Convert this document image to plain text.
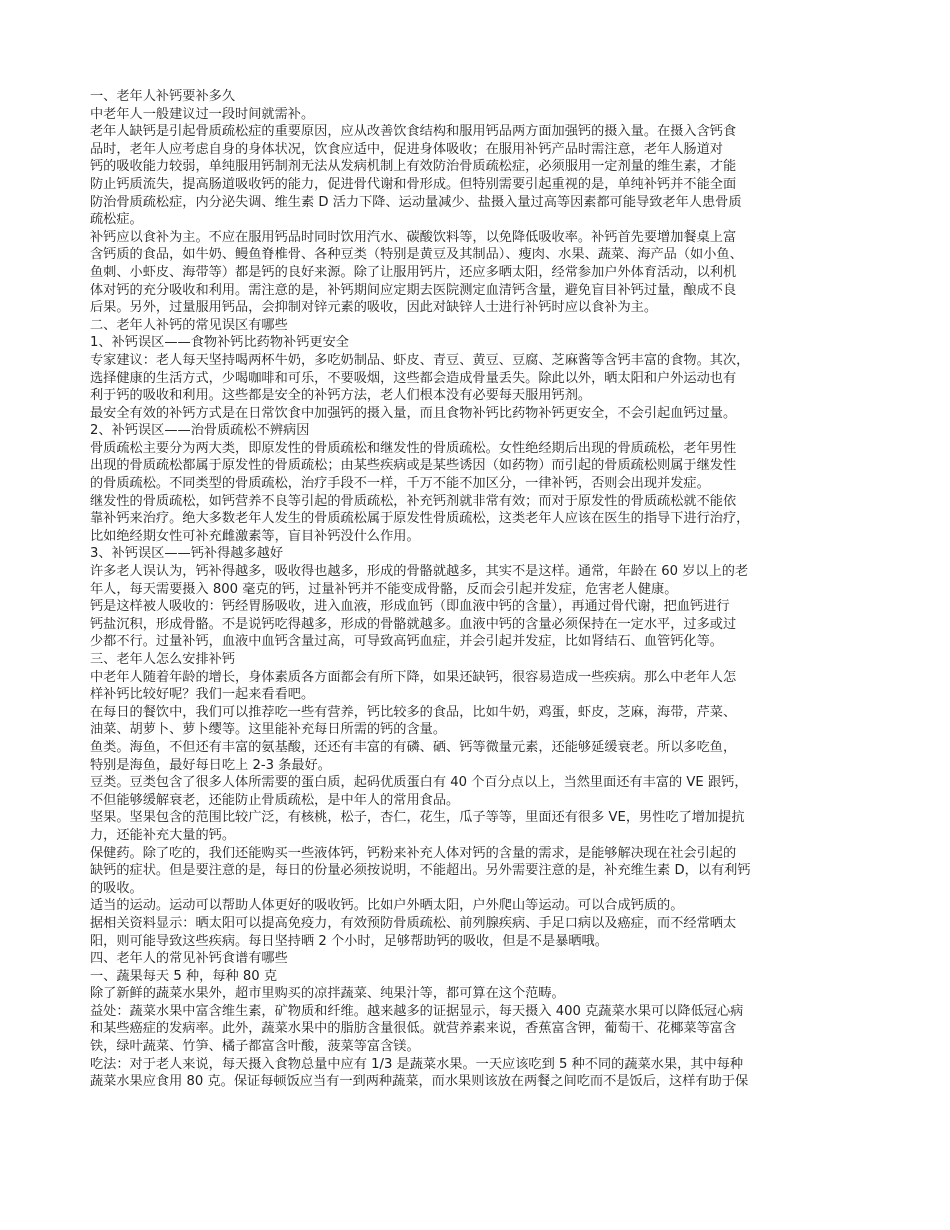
一、老年人补钙要补多久
中老年人一般建议过一段时间就需补。
老年人缺钙是引起骨质疏松症的重要原因，应从改善饮食结构和服用钙品两方面加强钙的摄入量。在摄入含钙食
品时，老年人应考虑自身的身体状况，饮食应适中，促进身体吸收；在服用补钙产品时需注意，老年人肠道对
钙的吸收能力较弱，单纯服用钙制剂无法从发病机制上有效防治骨质疏松症，必须服用一定剂量的维生素，才能
防止钙质流失，提高肠道吸收钙的能力，促进骨代谢和骨形成。但特别需要引起重视的是，单纯补钙并不能全面
防治骨质疏松症，内分泌失调、维生素 D 活力下降、运动量减少、盐摄入量过高等因素都可能导致老年人患骨质
疏松症。
补钙应以食补为主。不应在服用钙品时同时饮用汽水、碳酸饮料等，以免降低吸收率。补钙首先要增加餐桌上富
含钙质的食品，如牛奶、鳗鱼脊椎骨、各种豆类（特别是黄豆及其制品）、瘦肉、水果、蔬菜、海产品（如小鱼、
鱼刺、小虾皮、海带等）都是钙的良好来源。除了让服用钙片，还应多晒太阳，经常参加户外体育活动，以利机
体对钙的充分吸收和利用。需注意的是，补钙期间应定期去医院测定血清钙含量，避免盲目补钙过量，酿成不良
后果。另外，过量服用钙品，会抑制对锌元素的吸收，因此对缺锌人士进行补钙时应以食补为主。
二、老年人补钙的常见误区有哪些
1、补钙误区——食物补钙比药物补钙更安全
专家建议：老人每天坚持喝两杯牛奶，多吃奶制品、虾皮、青豆、黄豆、豆腐、芝麻酱等含钙丰富的食物。其次，
选择健康的生活方式，少喝咖啡和可乐，不要吸烟，这些都会造成骨量丢失。除此以外，晒太阳和户外运动也有
利于钙的吸收和利用。这些都是安全的补钙方法，老人们根本没有必要每天服用钙剂。
最安全有效的补钙方式是在日常饮食中加强钙的摄入量，而且食物补钙比药物补钙更安全，不会引起血钙过量。
2、补钙误区——治骨质疏松不辨病因
骨质疏松主要分为两大类，即原发性的骨质疏松和继发性的骨质疏松。女性绝经期后出现的骨质疏松，老年男性
出现的骨质疏松都属于原发性的骨质疏松；由某些疾病或是某些诱因（如药物）而引起的骨质疏松则属于继发性
的骨质疏松。不同类型的骨质疏松，治疗手段不一样，千万不能不加区分，一律补钙，否则会出现并发症。
继发性的骨质疏松，如钙营养不良等引起的骨质疏松，补充钙剂就非常有效；而对于原发性的骨质疏松就不能依
靠补钙来治疗。绝大多数老年人发生的骨质疏松属于原发性骨质疏松，这类老年人应该在医生的指导下进行治疗，
比如绝经期女性可补充雌激素等，盲目补钙没什么作用。
3、补钙误区——钙补得越多越好
许多老人误认为，钙补得越多，吸收得也越多，形成的骨骼就越多，其实不是这样。通常，年龄在 60 岁以上的老
年人，每天需要摄入 800 毫克的钙，过量补钙并不能变成骨骼，反而会引起并发症，危害老人健康。
钙是这样被人吸收的：钙经胃肠吸收，进入血液，形成血钙（即血液中钙的含量），再通过骨代谢，把血钙进行
钙盐沉积，形成骨骼。不是说钙吃得越多，形成的骨骼就越多。血液中钙的含量必须保持在一定水平，过多或过
少都不行。过量补钙，血液中血钙含量过高，可导致高钙血症，并会引起并发症，比如肾结石、血管钙化等。
三、老年人怎么安排补钙
中老年人随着年龄的增长，身体素质各方面都会有所下降，如果还缺钙，很容易造成一些疾病。那么中老年人怎
样补钙比较好呢？我们一起来看看吧。
在每日的餐饮中，我们可以推荐吃一些有营养，钙比较多的食品，比如牛奶，鸡蛋，虾皮，芝麻，海带，芹菜、
油菜、胡萝卜、萝卜缨等。这里能补充每日所需的钙的含量。
鱼类。海鱼，不但还有丰富的氨基酸，还还有丰富的有磷、硒、钙等微量元素，还能够延缓衰老。所以多吃鱼，
特别是海鱼，最好每日吃上 2-3 条最好。
豆类。豆类包含了很多人体所需要的蛋白质，起码优质蛋白有 40 个百分点以上，当然里面还有丰富的 VE 跟钙，
不但能够缓解衰老，还能防止骨质疏松，是中年人的常用食品。
坚果。坚果包含的范围比较广泛，有核桃，松子，杏仁，花生，瓜子等等，里面还有很多 VE，男性吃了增加提抗
力，还能补充大量的钙。
保健药。除了吃的，我们还能购买一些液体钙，钙粉来补充人体对钙的含量的需求，是能够解决现在社会引起的
缺钙的症状。但是要注意的是，每日的份量必须按说明，不能超出。另外需要注意的是，补充维生素 D，以有利钙
的吸收。
适当的运动。运动可以帮助人体更好的吸收钙。比如户外晒太阳，户外爬山等运动。可以合成钙质的。
据相关资料显示：晒太阳可以提高免疫力，有效预防骨质疏松、前列腺疾病、手足口病以及癌症，而不经常晒太
阳，则可能导致这些疾病。每日坚持晒 2 个小时，足够帮助钙的吸收，但是不是暴晒哦。
四、老年人的常见补钙食谱有哪些
一、蔬果每天 5 种，每种 80 克
除了新鲜的蔬菜水果外，超市里购买的凉拌蔬菜、纯果汁等，都可算在这个范畴。
益处：蔬菜水果中富含维生素，矿物质和纤维。越来越多的证据显示，每天摄入 400 克蔬菜水果可以降低冠心病
和某些癌症的发病率。此外，蔬菜水果中的脂肪含量很低。就营养素来说，香蕉富含钾，葡萄干、花椰菜等富含
铁，绿叶蔬菜、竹笋、橘子都富含叶酸，菠菜等富含镁。
吃法：对于老人来说，每天摄入食物总量中应有 1/3 是蔬菜水果。一天应该吃到 5 种不同的蔬菜水果，其中每种
蔬菜水果应食用 80 克。保证每顿饭应当有一到两种蔬菜，而水果则该放在两餐之间吃而不是饭后，这样有助于保
